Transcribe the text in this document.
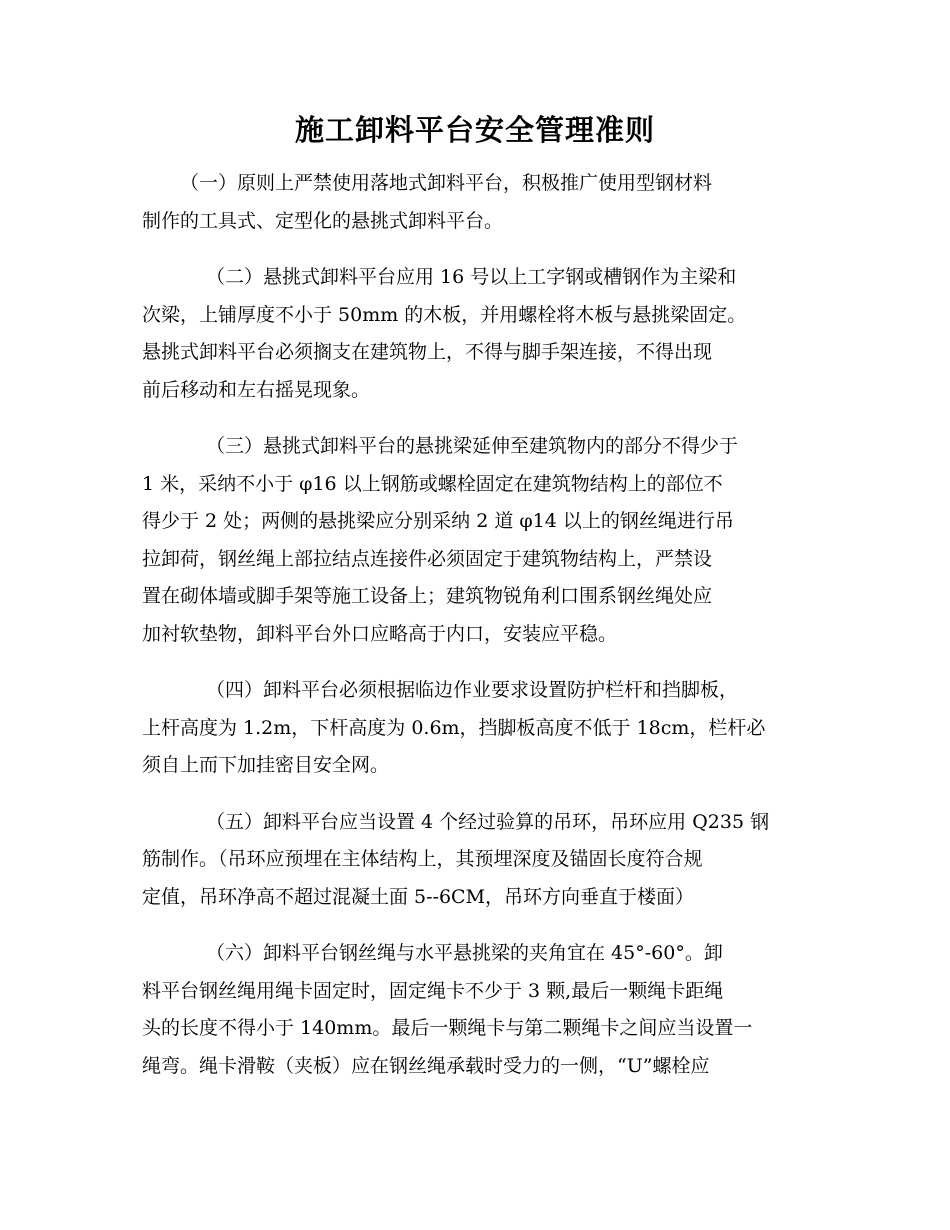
施工卸料平台安全管理准则
（一）原则上严禁使用落地式卸料平台，积极推广使用型钢材料
制作的工具式、定型化的悬挑式卸料平台。
（二）悬挑式卸料平台应用 16 号以上工字钢或槽钢作为主梁和
次梁，上铺厚度不小于 50mm 的木板，并用螺栓将木板与悬挑梁固定。
悬挑式卸料平台必须搁支在建筑物上，不得与脚手架连接，不得出现
前后移动和左右摇晃现象。
（三）悬挑式卸料平台的悬挑梁延伸至建筑物内的部分不得少于
1 米，采纳不小于 φ16 以上钢筋或螺栓固定在建筑物结构上的部位不
得少于 2 处；两侧的悬挑梁应分别采纳 2 道 φ14 以上的钢丝绳进行吊
拉卸荷，钢丝绳上部拉结点连接件必须固定于建筑物结构上，严禁设
置在砌体墙或脚手架等施工设备上；建筑物锐角利口围系钢丝绳处应
加衬软垫物，卸料平台外口应略高于内口，安装应平稳。
（四）卸料平台必须根据临边作业要求设置防护栏杆和挡脚板，
上杆高度为 1.2m，下杆高度为 0.6m，挡脚板高度不低于 18cm，栏杆必
须自上而下加挂密目安全网。
（五）卸料平台应当设置 4 个经过验算的吊环，吊环应用 Q235 钢
筋制作。（吊环应预埋在主体结构上，其预埋深度及锚固长度符合规
定值，吊环净高不超过混凝土面 5--6CM，吊环方向垂直于楼面）
（六）卸料平台钢丝绳与水平悬挑梁的夹角宜在 45°-60°。卸
料平台钢丝绳用绳卡固定时，固定绳卡不少于 3 颗,最后一颗绳卡距绳
头的长度不得小于 140mm。最后一颗绳卡与第二颗绳卡之间应当设置一
绳弯。绳卡滑鞍（夹板）应在钢丝绳承载时受力的一侧，“U”螺栓应
